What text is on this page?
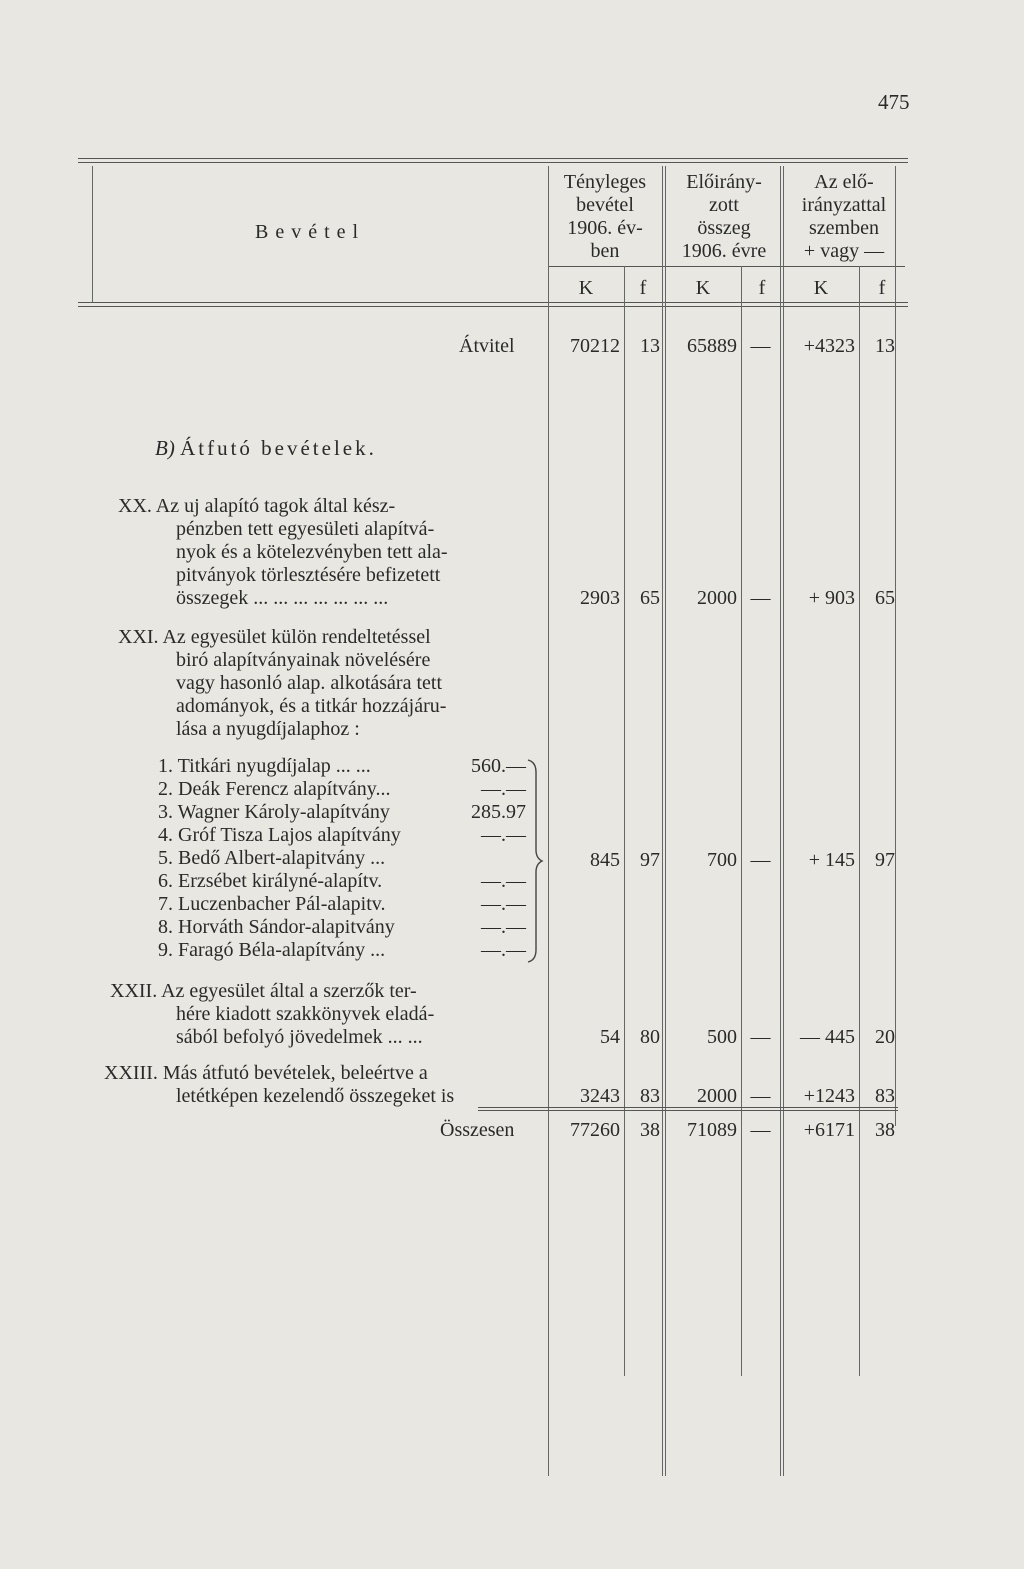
475
B e v é t e l
Tényleges
bevétel
1906. év-
ben
Előirány-
zott
összeg
1906. évre
Az elő-
irányzattal
szemben
+ vagy —
K	f	K	f	K	f
Átvitel	70212	13	65889 —	+4323	13
B) Átfutó bevételek.
XX. Az uj alapító tagok által kész-
pénzben tett egyesületi alapítvá-
nyok és a kötelezvényben tett ala-
pitványok törlesztésére befizetett
összegek ... ... ... ... ... ... ...	2903	65	2000 —	+ 903	65
XXI. Az egyesület külön rendeltetéssel
biró alapítványainak növelésére
vagy hasonló alap. alkotására tett
adományok, és a titkár hozzájáru-
lása a nyugdíjalaphoz :
1. Titkári nyugdíjalap ... ...	560.—
2. Deák Ferencz alapítvány...	—.—
3. Wagner Károly-alapítvány	285.97
4. Gróf Tisza Lajos alapítvány	—.—
5. Bedő Albert-alapitvány ...
6. Erzsébet királyné-alapítv.	—.—
7. Luczenbacher Pál-alapitv.	—.—
8. Horváth Sándor-alapitvány	—.—
9. Faragó Béla-alapítvány ...	—.—
845	97	700 —	+ 145	97
XXII. Az egyesület által a szerzők ter-
hére kiadott szakkönyvek eladá-
sából befolyó jövedelmek ... ...	54	80	500 —	— 445	20
XXIII. Más átfutó bevételek, beleértve a
letétképen kezelendő összegeket is	3243	83	2000 —	+1243	83
Összesen	77260	38	71089 —	+6171	38
